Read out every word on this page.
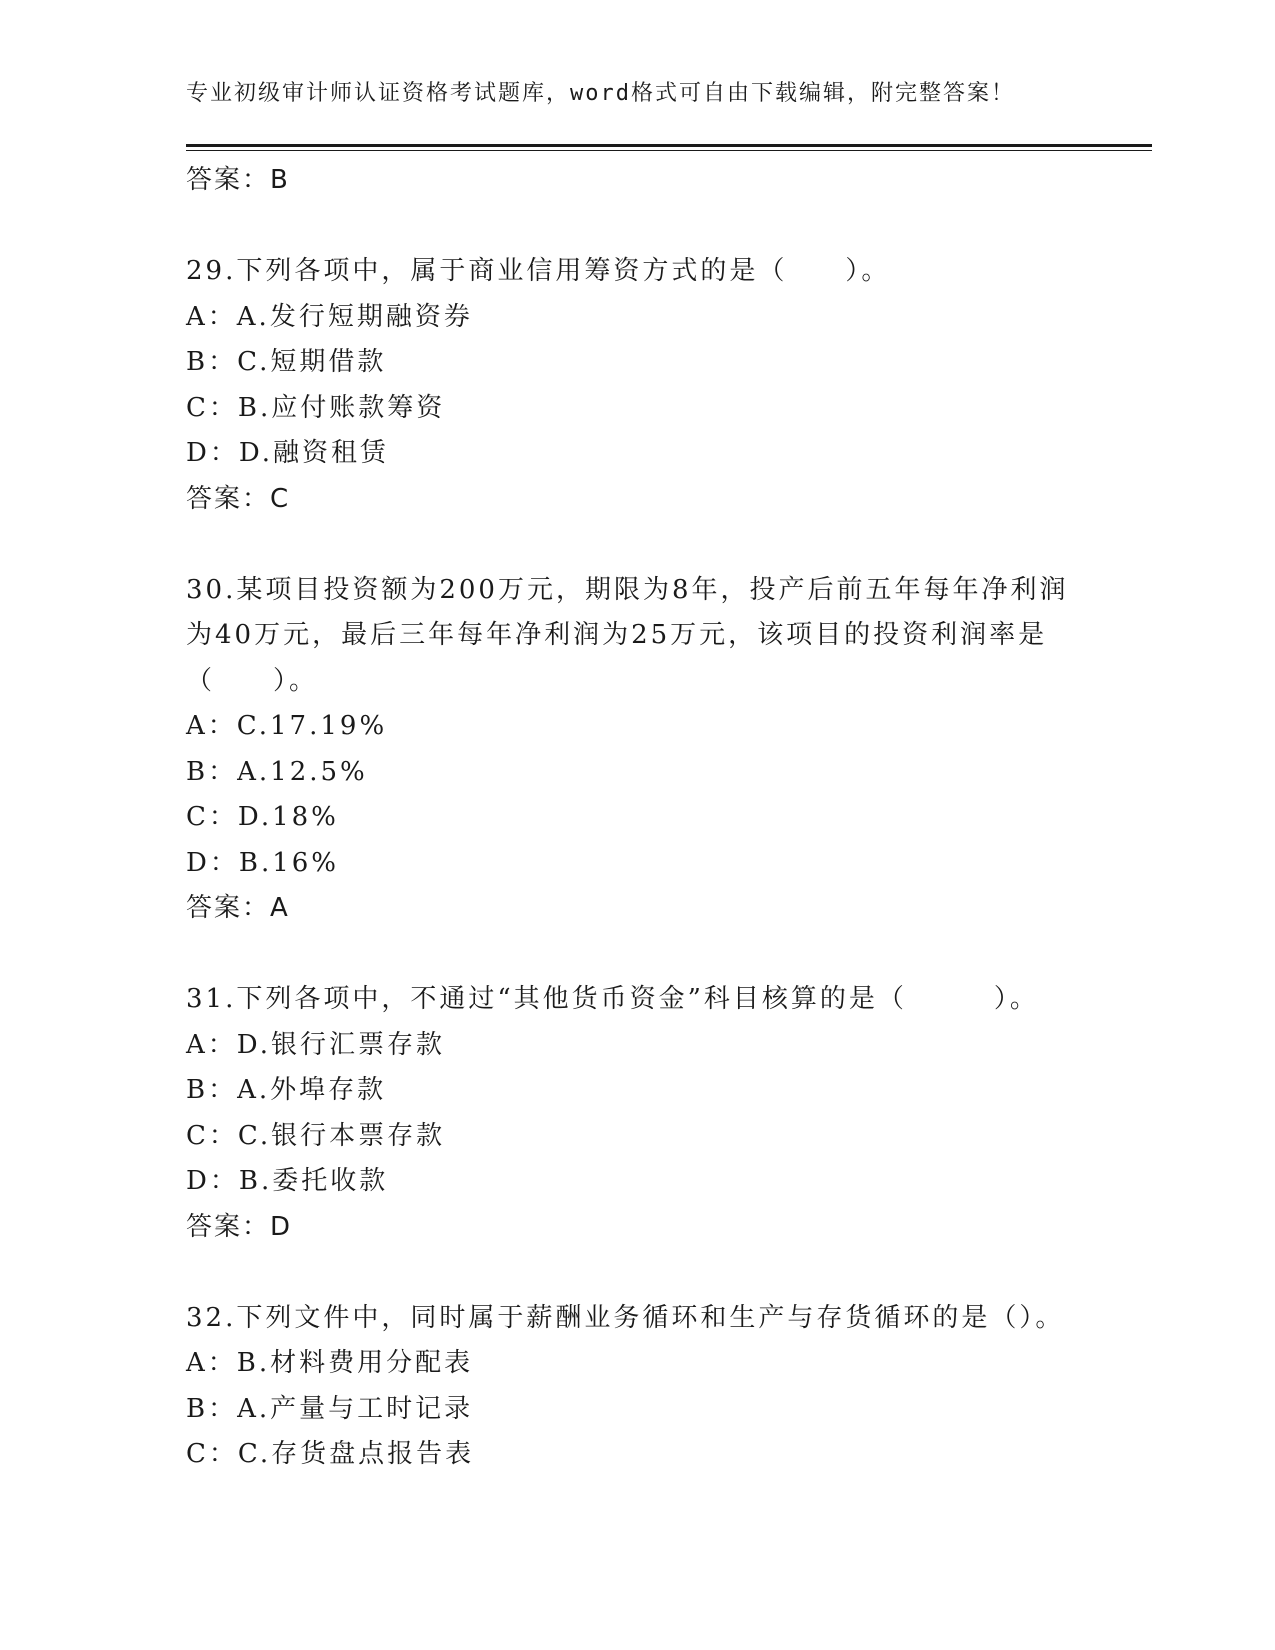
专业初级审计师认证资格考试题库，word格式可自由下载编辑，附完整答案！
答案：B
29.下列各项中，属于商业信用筹资方式的是（　　）。
A：A.发行短期融资券
B：C.短期借款
C：B.应付账款筹资
D：D.融资租赁
答案：C
30.某项目投资额为200万元，期限为8年，投产后前五年每年净利润
为40万元，最后三年每年净利润为25万元，该项目的投资利润率是
（　　）。
A：C.17.19%
B：A.12.5%
C：D.18%
D：B.16%
答案：A
31.下列各项中，不通过“其他货币资金”科目核算的是（　　　）。
A：D.银行汇票存款
B：A.外埠存款
C：C.银行本票存款
D：B.委托收款
答案：D
32.下列文件中，同时属于薪酬业务循环和生产与存货循环的是（）。
A：B.材料费用分配表
B：A.产量与工时记录
C：C.存货盘点报告表
